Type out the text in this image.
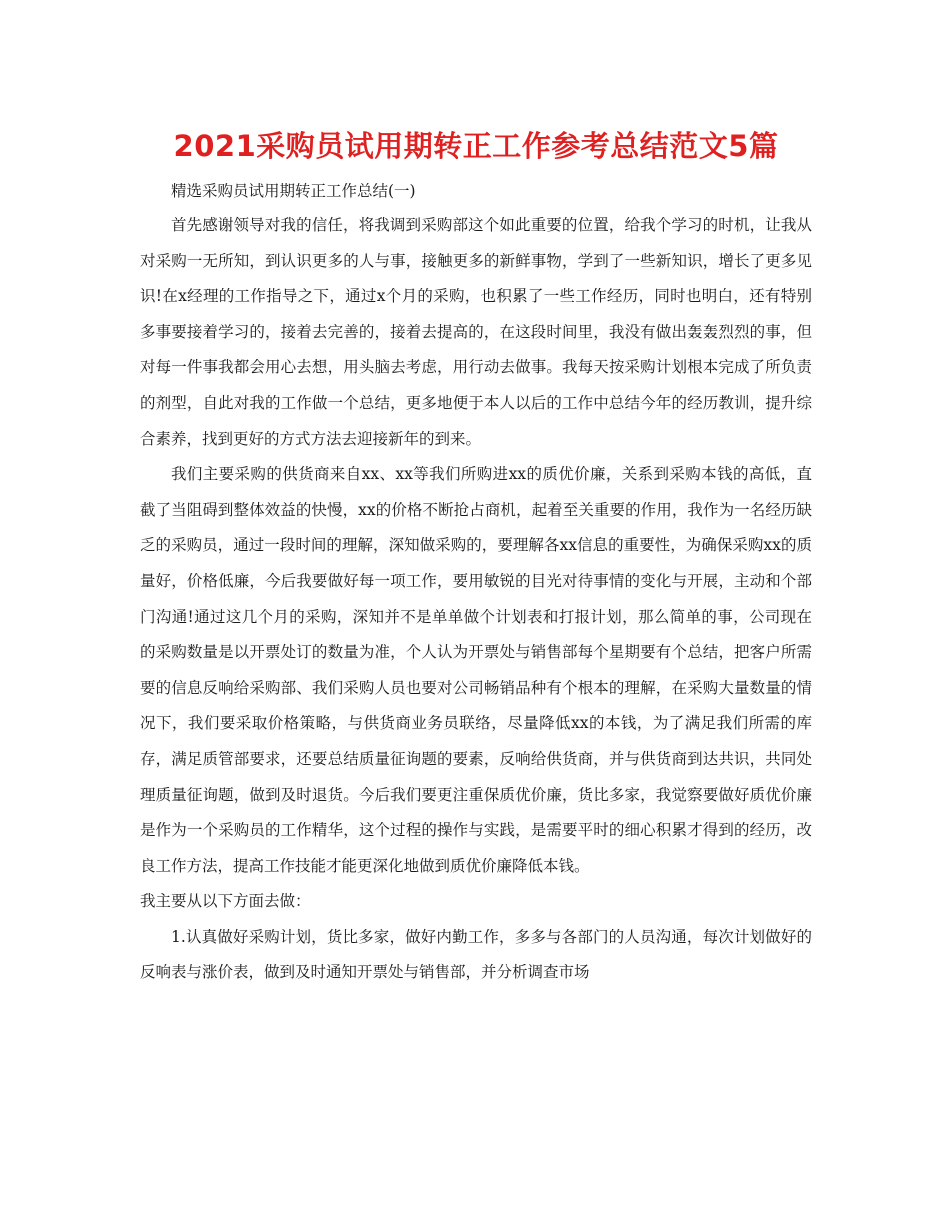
2021采购员试用期转正工作参考总结范文5篇

精选采购员试用期转正工作总结(一)

首先感谢领导对我的信任，将我调到采购部这个如此重要的位置，给我个学习的时机，让我从对采购一无所知，到认识更多的人与事，接触更多的新鲜事物，学到了一些新知识，增长了更多见识!在x经理的工作指导之下，通过x个月的采购，也积累了一些工作经历，同时也明白，还有特别多事要接着学习的，接着去完善的，接着去提高的，在这段时间里，我没有做出轰轰烈烈的事，但对每一件事我都会用心去想，用头脑去考虑，用行动去做事。我每天按采购计划根本完成了所负责的剂型，自此对我的工作做一个总结，更多地便于本人以后的工作中总结今年的经历教训，提升综合素养，找到更好的方式方法去迎接新年的到来。

我们主要采购的供货商来自xx、xx等我们所购进xx的质优价廉，关系到采购本钱的高低，直截了当阻碍到整体效益的快慢，xx的价格不断抢占商机，起着至关重要的作用，我作为一名经历缺乏的采购员，通过一段时间的理解，深知做采购的，要理解各xx信息的重要性，为确保采购xx的质量好，价格低廉，今后我要做好每一项工作，要用敏锐的目光对待事情的变化与开展，主动和个部门沟通!通过这几个月的采购，深知并不是单单做个计划表和打报计划，那么简单的事，公司现在的采购数量是以开票处订的数量为准，个人认为开票处与销售部每个星期要有个总结，把客户所需要的信息反响给采购部、我们采购人员也要对公司畅销品种有个根本的理解，在采购大量数量的情况下，我们要采取价格策略，与供货商业务员联络，尽量降低xx的本钱，为了满足我们所需的库存，满足质管部要求，还要总结质量征询题的要素，反响给供货商，并与供货商到达共识，共同处理质量征询题，做到及时退货。今后我们要更注重保质优价廉，货比多家，我觉察要做好质优价廉是作为一个采购员的工作精华，这个过程的操作与实践，是需要平时的细心积累才得到的经历，改良工作方法，提高工作技能才能更深化地做到质优价廉降低本钱。

我主要从以下方面去做：

1.认真做好采购计划，货比多家，做好内勤工作，多多与各部门的人员沟通，每次计划做好的反响表与涨价表，做到及时通知开票处与销售部，并分析调查市场
